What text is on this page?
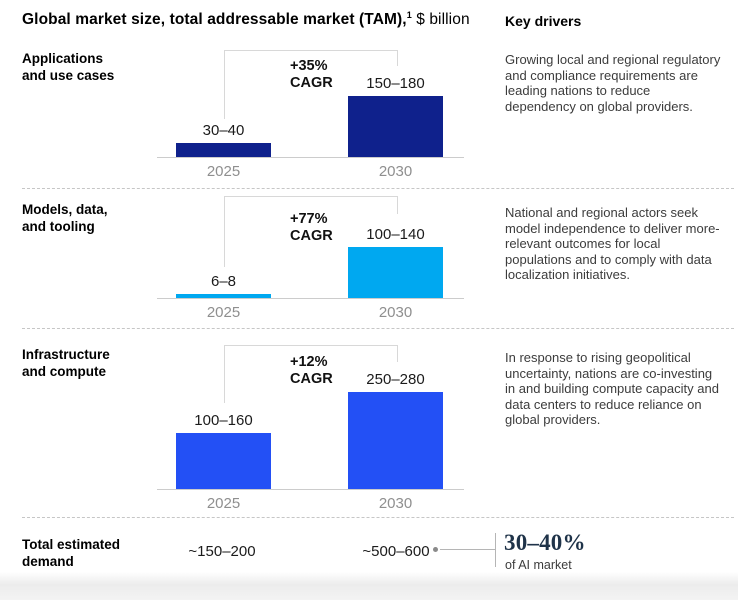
Global market size, total addressable market (TAM),$^1$ $ billion	Key drivers
Applications
and use cases
+35%
CAGR
30–40
150–180
2025	2030
Growing local and regional regulatory and compliance requirements are leading nations to reduce dependency on global providers.
Models, data,
and tooling	+77%
CAGR
6–8
100–140
2025	2030
National and regional actors seek model independence to deliver more-relevant outcomes for local populations and to comply with data localization initiatives.
Infrastructure
and compute
+12%
CAGR
100–160
250–280
2025	2030
In response to rising geopolitical uncertainty, nations are co-investing in and building compute capacity and data centers to reduce reliance on global providers.
Total estimated
demand
~150–200	~500–600	30–40%
of AI market
